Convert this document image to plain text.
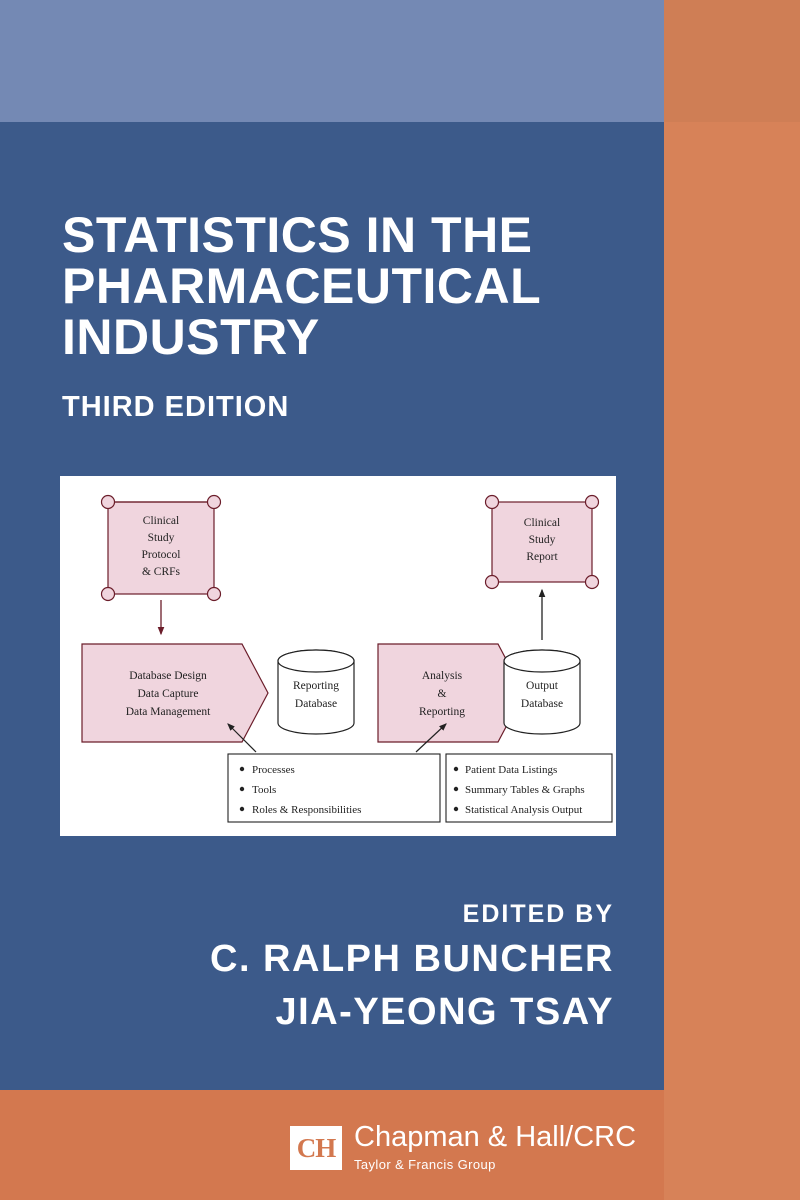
STATISTICS IN THE
PHARMACEUTICAL
INDUSTRY
THIRD EDITION
Clinical
Study
Protocol
& CRFs
Clinical
Study
Report
Database Design
Data Capture
Data Management
Reporting
Database
Analysis
&
Reporting
Output
Database
Processes
Tools
Roles & Responsibilities
Patient Data Listings
Summary Tables & Graphs
Statistical Analysis Output
EDITED BY
C. RALPH BUNCHER
JIA-YEONG TSAY
CH Chapman & Hall/CRC
Taylor & Francis Group
